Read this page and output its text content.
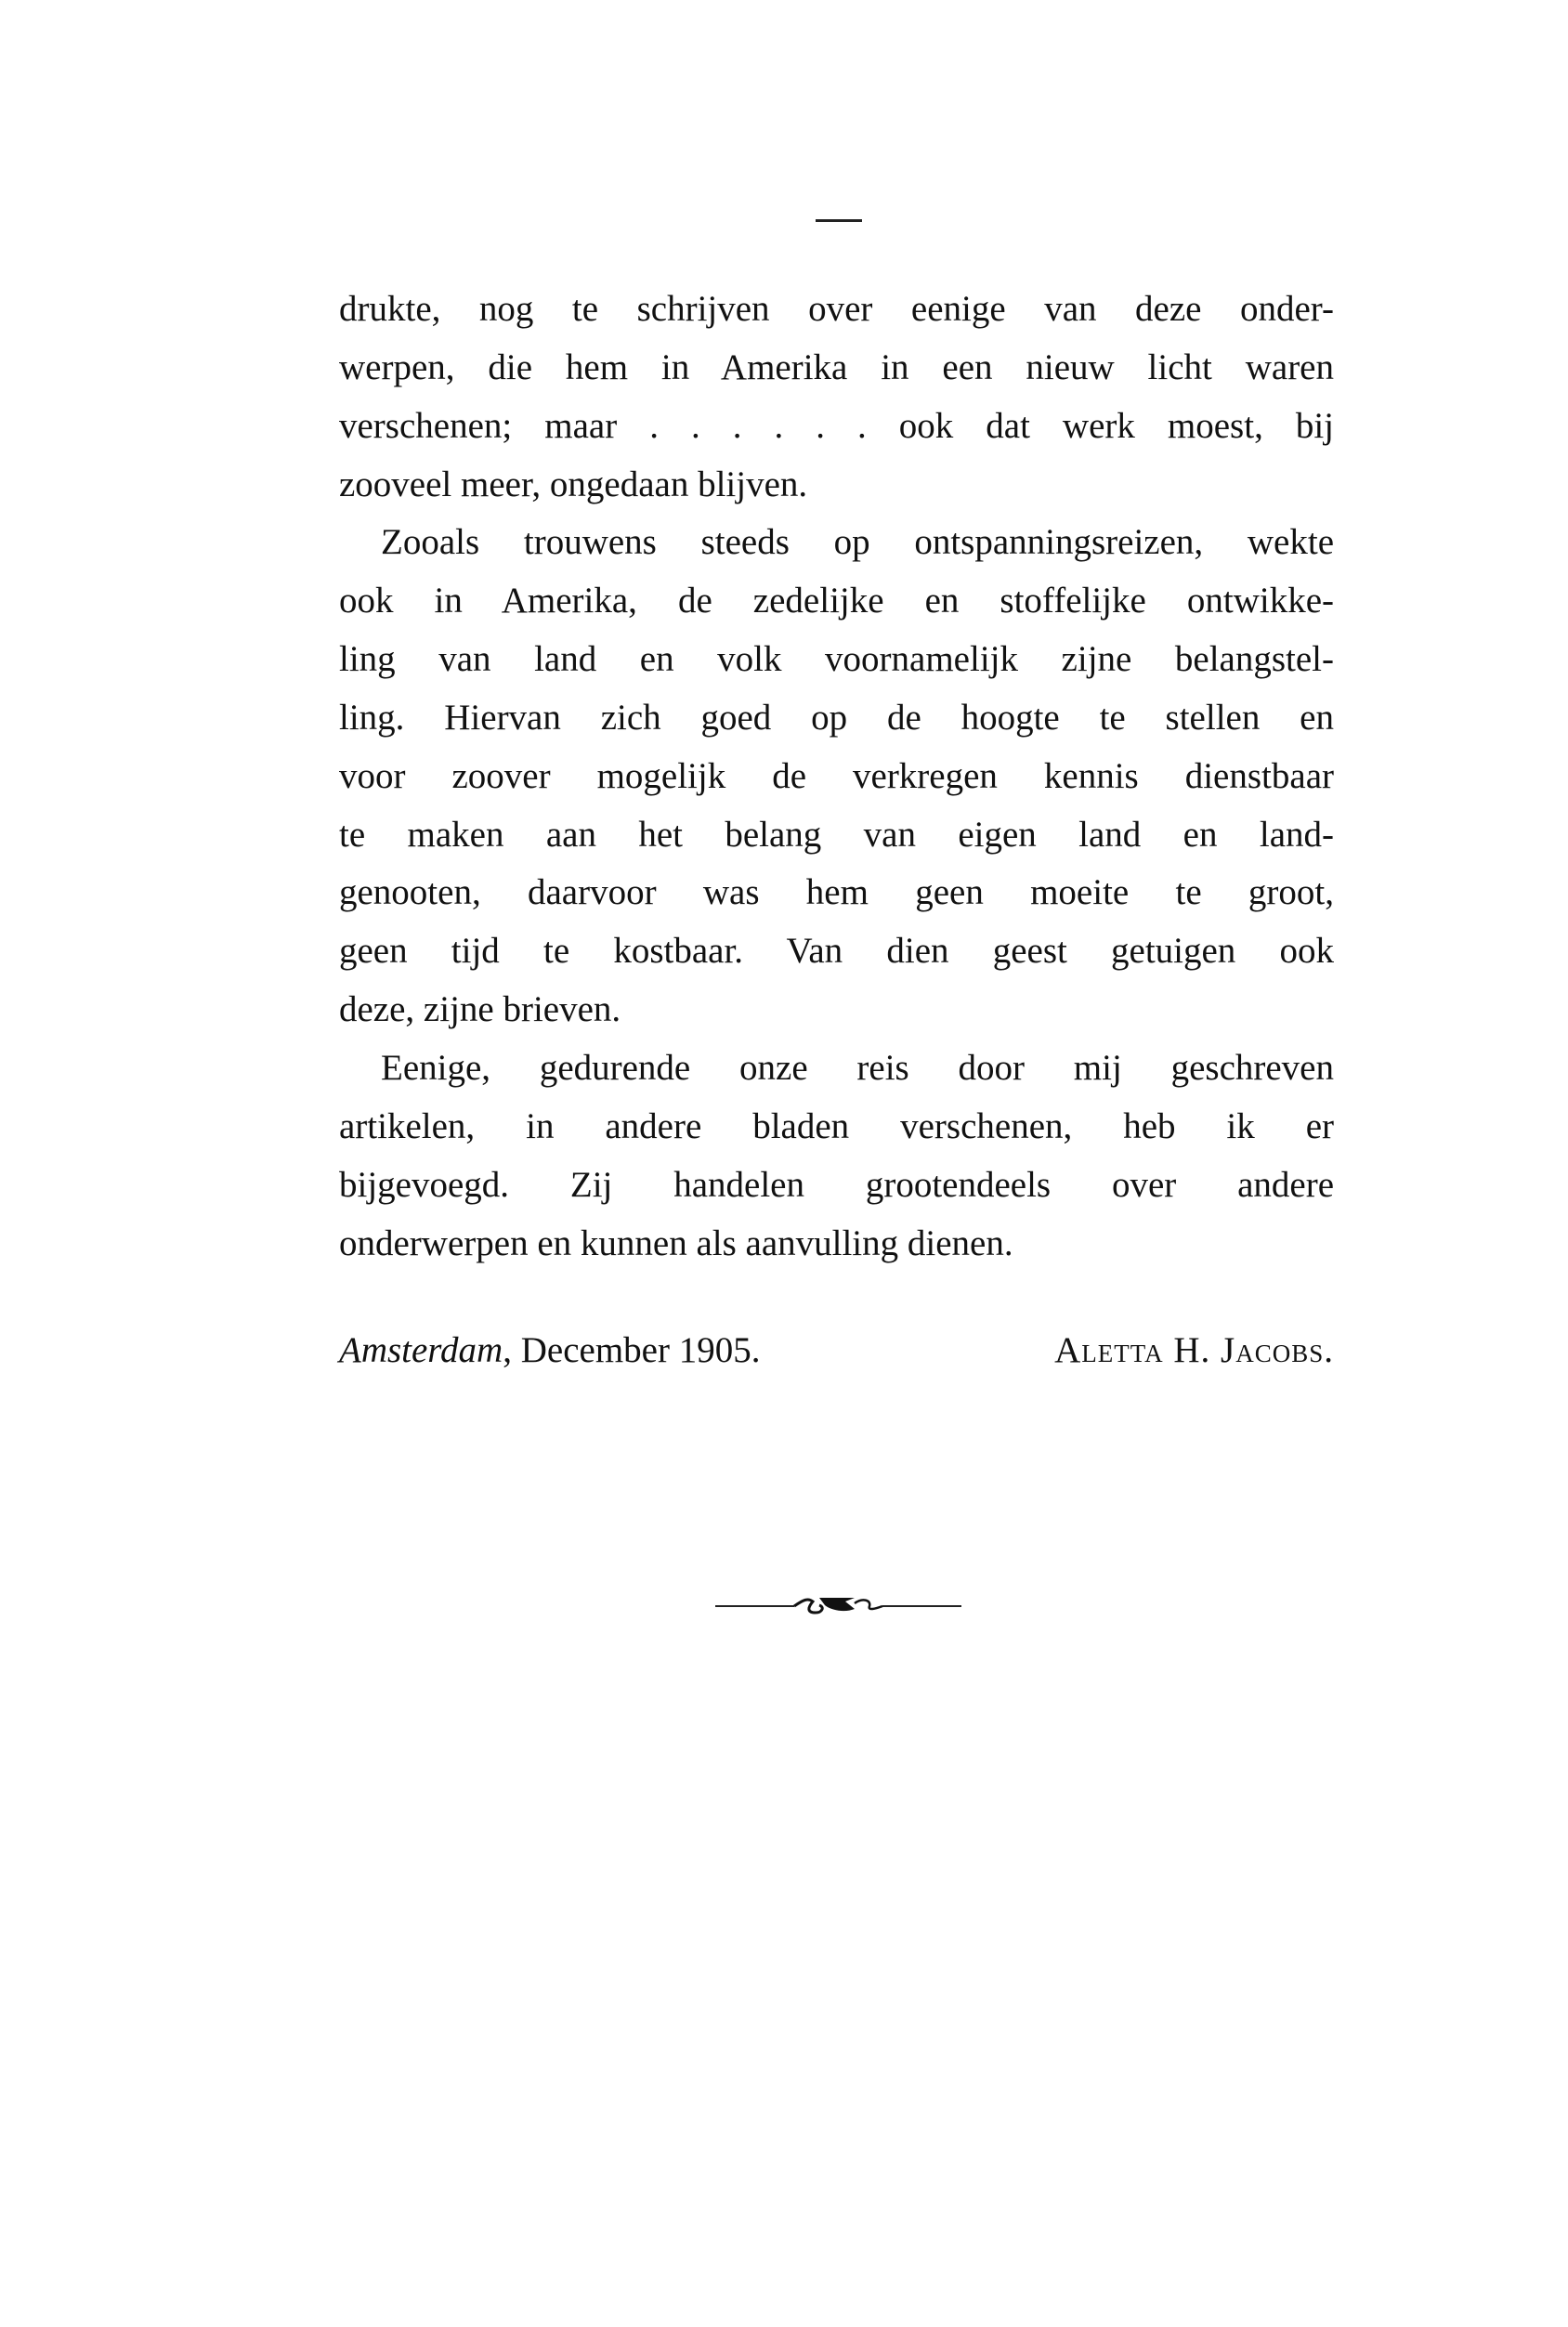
drukte, nog te schrijven over eenige van deze onder-
werpen, die hem in Amerika in een nieuw licht waren
verschenen; maar . . . . . . ook dat werk moest, bij
zooveel meer, ongedaan blijven.
Zooals trouwens steeds op ontspanningsreizen, wekte
ook in Amerika, de zedelijke en stoffelijke ontwikke-
ling van land en volk voornamelijk zijne belangstel-
ling. Hiervan zich goed op de hoogte te stellen en
voor zoover mogelijk de verkregen kennis dienstbaar
te maken aan het belang van eigen land en land-
genooten, daarvoor was hem geen moeite te groot,
geen tijd te kostbaar. Van dien geest getuigen ook
deze, zijne brieven.
Eenige, gedurende onze reis door mij geschreven
artikelen, in andere bladen verschenen, heb ik er
bijgevoegd. Zij handelen grootendeels over andere
onderwerpen en kunnen als aanvulling dienen.
Amsterdam, December 1905.	Aletta H. Jacobs.
